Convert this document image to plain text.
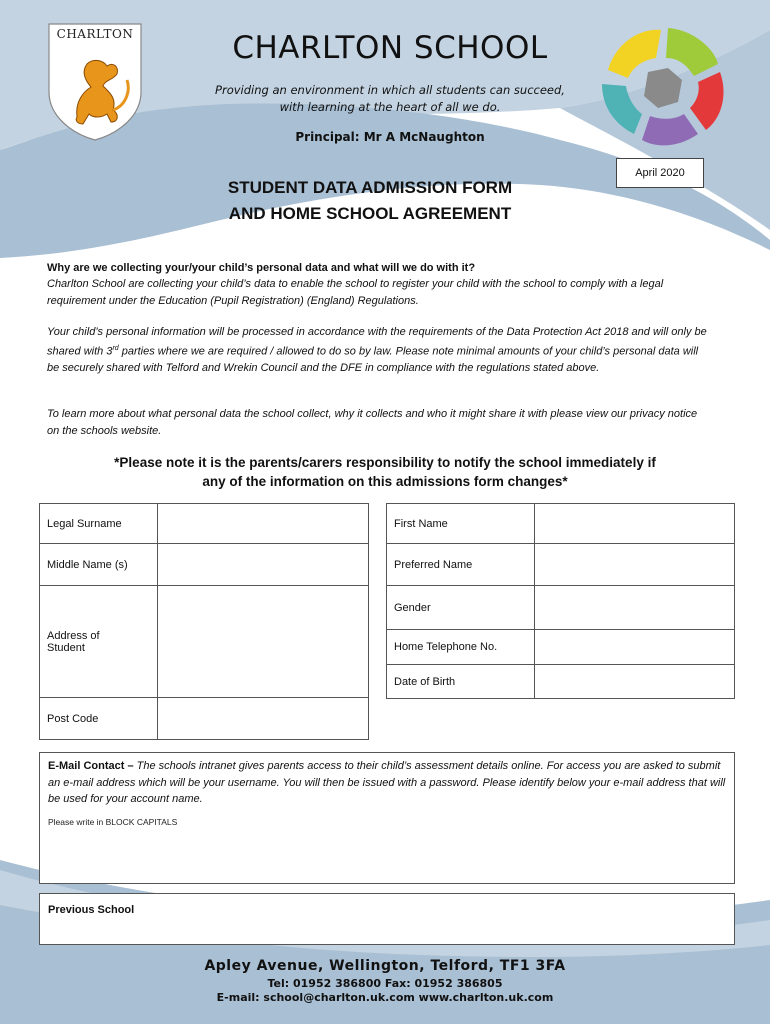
CHARLTON	CHARLTON SCHOOL
Providing an environment in which all students can succeed,
with learning at the heart of all we do.
Principal: Mr A McNaughton
April 2020
STUDENT DATA ADMISSION FORM
AND HOME SCHOOL AGREEMENT
Why are we collecting your/your child’s personal data and what will we do with it?
Charlton School are collecting your child’s data to enable the school to register your child with the school to comply with a legal requirement under the Education (Pupil Registration) (England) Regulations.
Your child’s personal information will be processed in accordance with the requirements of the Data Protection Act 2018 and will only be shared with 3rd parties where we are required / allowed to do so by law. Please note minimal amounts of your child’s personal data will be securely shared with Telford and Wrekin Council and the DFE in compliance with the regulations stated above.
To learn more about what personal data the school collect, why it collects and who it might share it with please view our privacy notice on the schools website.
*Please note it is the parents/carers responsibility to notify the school immediately if
any of the information on this admissions form changes*
Legal Surname	
Middle Name (s)	

Address of
Student	

Post Code	
First Name	
Preferred Name	
Gender	
Home Telephone No.	
Date of Birth	
E-Mail Contact – The schools intranet gives parents access to their child’s assessment details online. For access you are asked to submit an e-mail address which will be your username. You will then be issued with a password. Please identify below your e-mail address that will be used for your account name.
Please write in BLOCK CAPITALS
Previous School
Apley Avenue, Wellington, Telford, TF1 3FA
Tel: 01952 386800 Fax: 01952 386805
E-mail: school@charlton.uk.com www.charlton.uk.com
